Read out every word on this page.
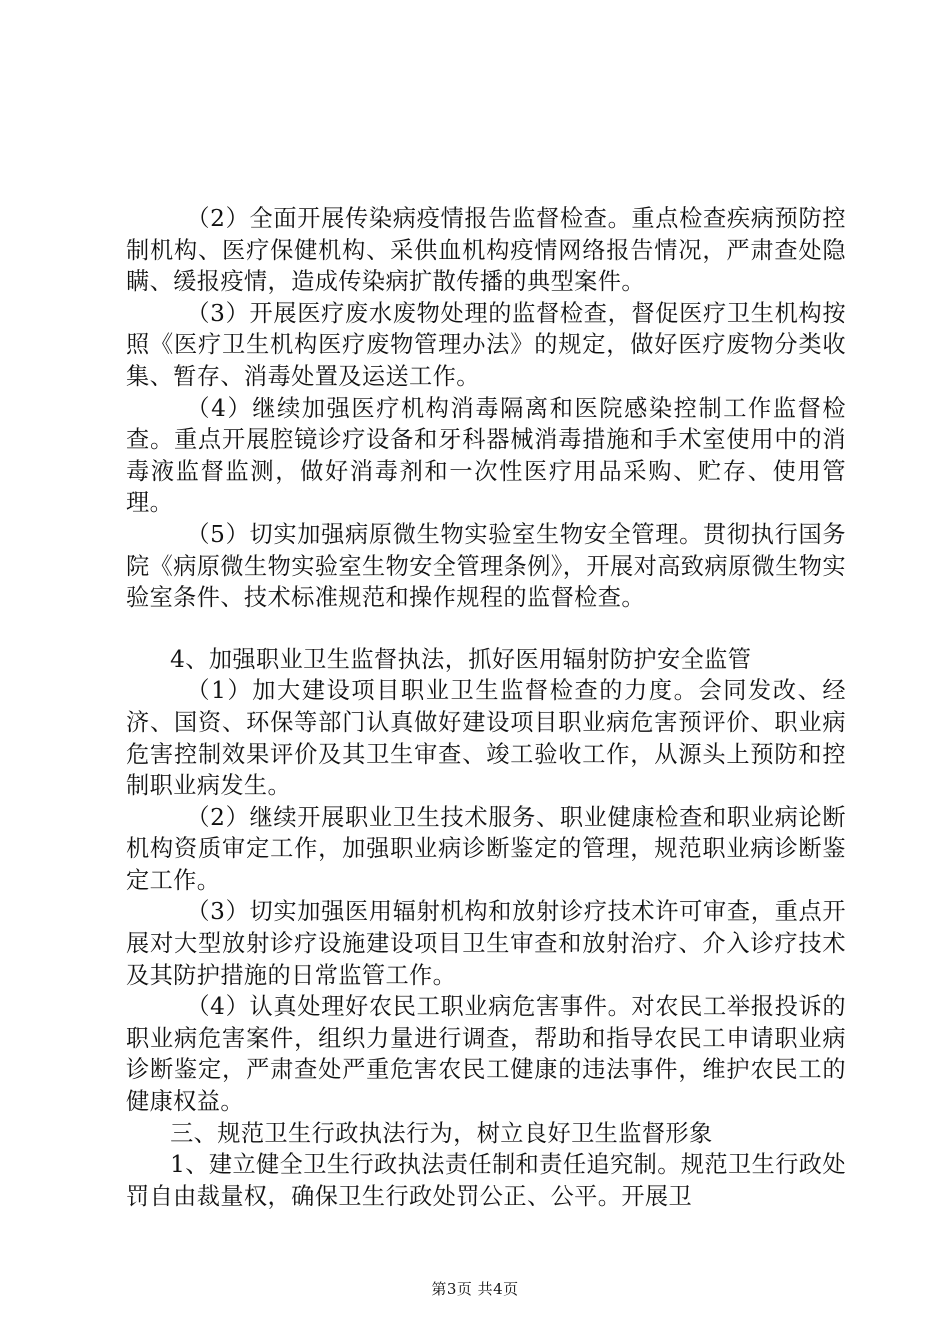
（2）全面开展传染病疫情报告监督检查。重点检查疾病预防控制机构、医疗保健机构、采供血机构疫情网络报告情况，严肃查处隐瞒、缓报疫情，造成传染病扩散传播的典型案件。

（3）开展医疗废水废物处理的监督检查，督促医疗卫生机构按照《医疗卫生机构医疗废物管理办法》的规定，做好医疗废物分类收集、暂存、消毒处置及运送工作。

（4）继续加强医疗机构消毒隔离和医院感染控制工作监督检查。重点开展腔镜诊疗设备和牙科器械消毒措施和手术室使用中的消毒液监督监测，做好消毒剂和一次性医疗用品采购、贮存、使用管理。

（5）切实加强病原微生物实验室生物安全管理。贯彻执行国务院《病原微生物实验室生物安全管理条例》，开展对高致病原微生物实验室条件、技术标准规范和操作规程的监督检查。

4、加强职业卫生监督执法，抓好医用辐射防护安全监管

（1）加大建设项目职业卫生监督检查的力度。会同发改、经济、国资、环保等部门认真做好建设项目职业病危害预评价、职业病危害控制效果评价及其卫生审查、竣工验收工作，从源头上预防和控制职业病发生。

（2）继续开展职业卫生技术服务、职业健康检查和职业病论断机构资质审定工作，加强职业病诊断鉴定的管理，规范职业病诊断鉴定工作。

（3）切实加强医用辐射机构和放射诊疗技术许可审查，重点开展对大型放射诊疗设施建设项目卫生审查和放射治疗、介入诊疗技术及其防护措施的日常监管工作。

（4）认真处理好农民工职业病危害事件。对农民工举报投诉的职业病危害案件，组织力量进行调查，帮助和指导农民工申请职业病诊断鉴定，严肃查处严重危害农民工健康的违法事件，维护农民工的健康权益。

三、规范卫生行政执法行为，树立良好卫生监督形象

1、建立健全卫生行政执法责任制和责任追究制。规范卫生行政处罚自由裁量权，确保卫生行政处罚公正、公平。开展卫

第3页 共4页
